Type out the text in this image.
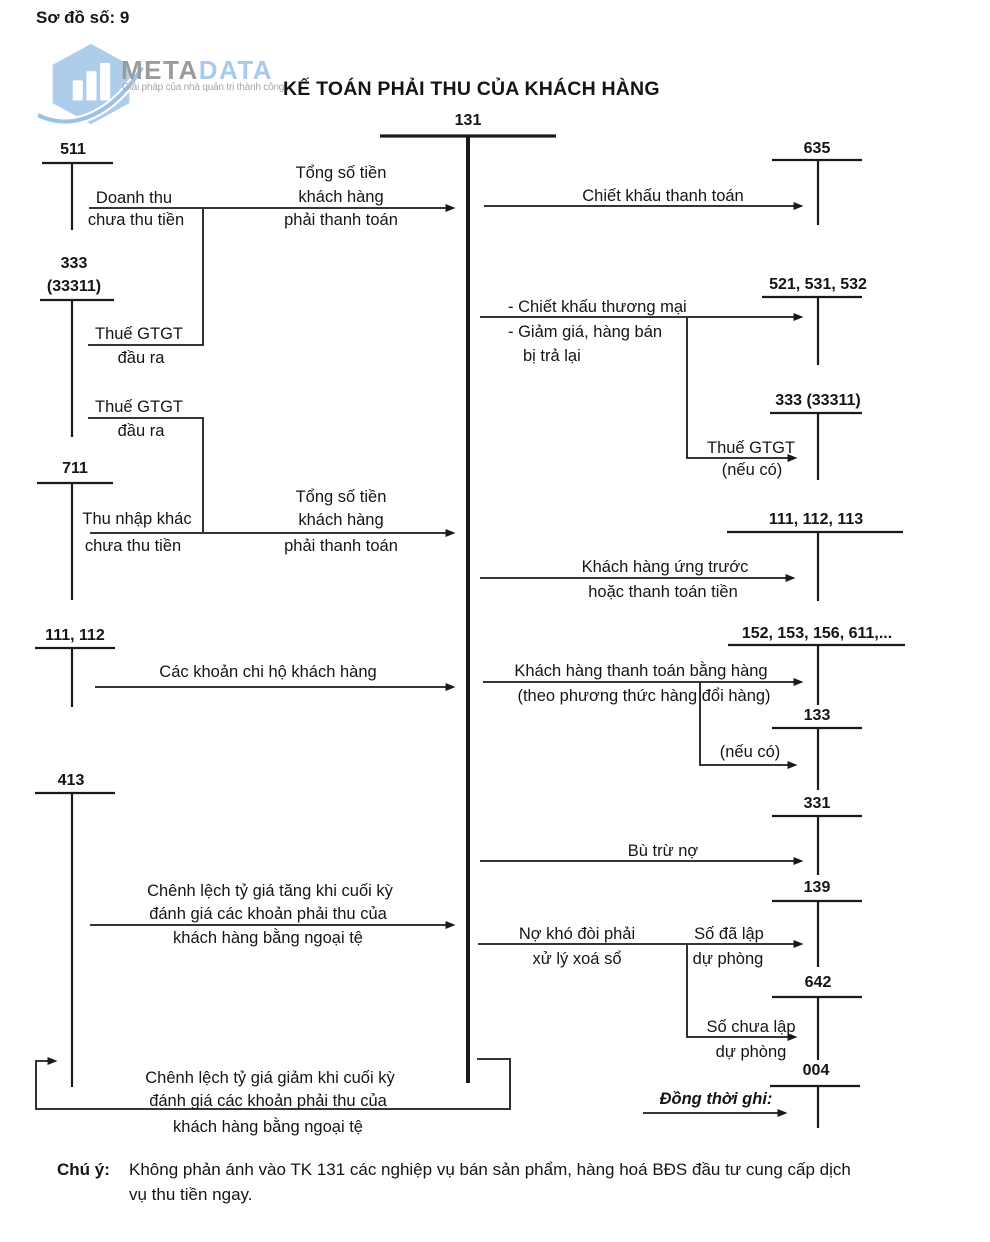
Sơ đồ số: 9
METADATA
Giải pháp của nhà quản trị thành công
KẾ TOÁN PHẢI THU CỦA KHÁCH HÀNG
131
511
333
(33311)
711
111, 112
413
635
521, 531, 532
333 (33311)
111, 112, 113
152, 153, 156, 611,...
133
331
139
642
004
Doanh thu
chưa thu tiền
Tổng số tiền
khách hàng
phải thanh toán
Thuế GTGT
đầu ra
Thuế GTGT
đầu ra
Thu nhập khác
chưa thu tiền
Tổng số tiền
khách hàng
phải thanh toán
Các khoản chi hộ khách hàng
Chênh lệch tỷ giá tăng khi cuối kỳ
đánh giá các khoản phải thu của
khách hàng bằng ngoại tệ
Chênh lệch tỷ giá giảm khi cuối kỳ
đánh giá các khoản phải thu của
khách hàng bằng ngoại tệ
Chiết khấu thanh toán
- Chiết khấu thương mại
- Giảm giá, hàng bán
bị trả lại
Thuế GTGT
(nếu có)
Khách hàng ứng trước
hoặc thanh toán tiền
Khách hàng thanh toán bằng hàng
(theo phương thức hàng đổi hàng)
(nếu có)
Bù trừ nợ
Nợ khó đòi phải
xử lý xoá sổ
Số đã lập
dự phòng
Số chưa lập
dự phòng
Đồng thời ghi:
Chú ý: Không phản ánh vào TK 131 các nghiệp vụ bán sản phẩm, hàng hoá BĐS đầu tư cung cấp dịch
vụ thu tiền ngay.
